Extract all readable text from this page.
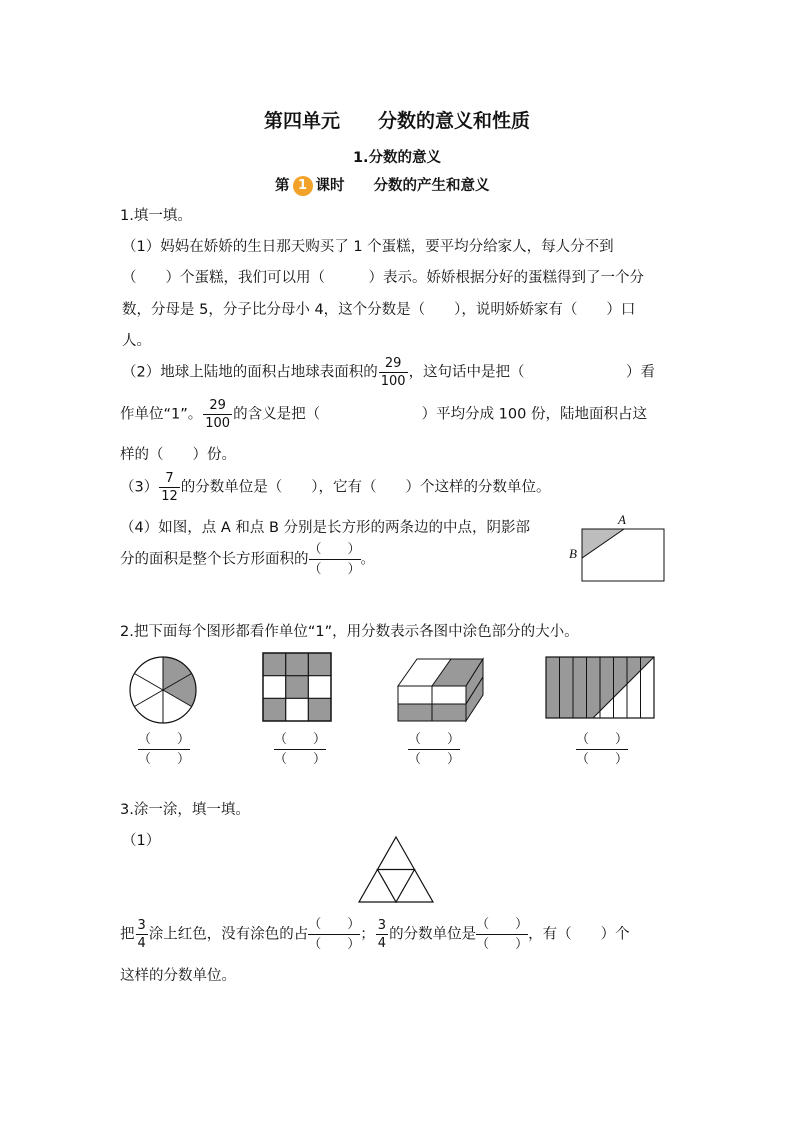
第四单元　　分数的意义和性质
1.分数的意义
第 1 课时　　分数的产生和意义
1.填一填。
（1）妈妈在娇娇的生日那天购买了 1 个蛋糕，要平均分给家人，每人分不到
（　　）个蛋糕，我们可以用（　　　）表示。娇娇根据分好的蛋糕得到了一个分
数，分母是 5，分子比分母小 4，这个分数是（　　），说明娇娇家有（　　）口
人。
（2）地球上陆地的面积占地球表面积的 $\frac{29}{100}$ ，这句话中是把（　　　　　　　）看
作单位“1”。 $\frac{29}{100}$ 的含义是把（　　　　　　　）平均分成 100 份，陆地面积占这
样的（　　）份。
$(3) \frac{7}{12}$ 的分数单位是（　　），它有（　　）个这样的分数单位。
（4）如图，点 A 和点 B 分别是长方形的两条边的中点，阴影部
分的面积是整个长方形面积的
（　　）
（　　）
。
A
B
2.把下面每个图形都看作单位“1”，用分数表示各图中涂色部分的大小。
（　　）
（　　）
（　　）
（　　）
（　　）
（　　）
（　　）
（　　）
3.涂一涂，填一填。
（1）
把 $\frac{3}{4}$ 涂上红色，没有涂色的占
（　　）
（　　）
； $\frac{3}{4}$ 的分数单位是
（　　）
（　　）
，有（　　）个
这样的分数单位。
